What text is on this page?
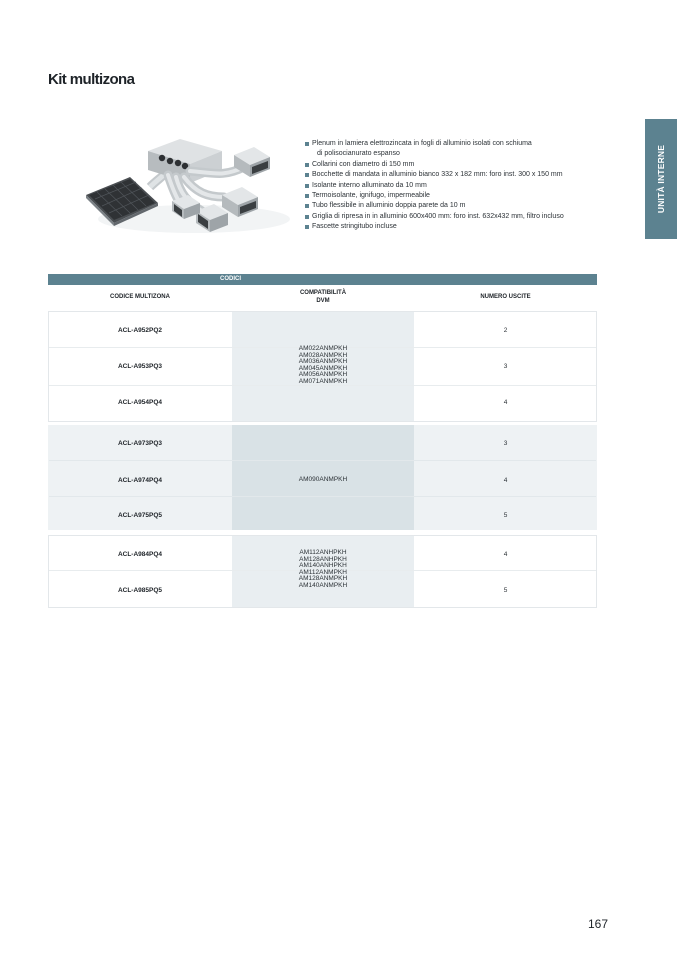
Kit multizona
UNITÀ INTERNE
Plenum in lamiera elettrozincata in fogli di alluminio isolati con schiuma
di polisocianurato espanso
Collarini con diametro di 150 mm
Bocchette di mandata in alluminio bianco 332 x 182 mm: foro inst. 300 x 150 mm
Isolante interno alluminato da 10 mm
Termoisolante, ignifugo, impermeabile
Tubo flessibile in alluminio doppia parete da 10 m
Griglia di ripresa in in alluminio 600x400 mm: foro inst. 632x432 mm, filtro incluso
Fascette stringitubo incluse
CODICI
CODICE MULTIZONA
COMPATIBILITÀ
DVM
NUMERO USCITE
ACL-A952PQ2	2
ACL-A953PQ3	3
ACL-A954PQ4	4
AM022ANMPKH
AM028ANMPKH
AM036ANMPKH
AM045ANMPKH
AM056ANMPKH
AM071ANMPKH
ACL-A973PQ3	3
ACL-A974PQ4	4
ACL-A975PQ5	5
AM090ANMPKH
ACL-A984PQ4	4
ACL-A985PQ5	5
AM112ANHPKH
AM128ANHPKH
AM140ANHPKH
AM112ANMPKH
AM128ANMPKH
AM140ANMPKH
167
